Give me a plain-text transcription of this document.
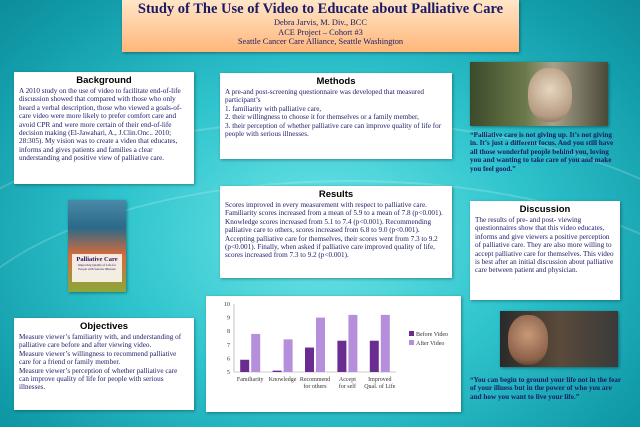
Study of The Use of Video to Educate about Palliative Care
Debra Jarvis, M. Div., BCC
ACE Project – Cohort #3
Seattle Cancer Care Alliance, Seattle Washington
Background

A 2010 study on the use of video to facilitate end-of-life discussion showed that compared with those who only heard a verbal description, those who viewed a goals-of-care video were more likely to prefer comfort care and avoid CPR and were more certain of their end-of-life decision making (El-Jawahari, A., J.Clin.Onc.. 2010; 28:305). My vision was to create a video that educates, informs and gives patients and families a clear understanding and positive view of palliative care.

Methods

A pre-and post-screening questionnaire was developed that measured participant’s

1. familiarity with palliative care,
2. their willingness to choose it for themselves or a family member,
3. their perception of whether palliative care can improve quality of life for people with serious illnesses.	“Palliative care is not giving up. It’s not giving in. It’s just a different focus. And you still have all those wonderful people behind you, loving you and wanting to take care of you and make you feel good.”
Results

Scores improved in every measurement with respect to palliative care. Familiarity scores increased from a mean of 5.9 to a mean of 7.8 (p<0.001). Knowledge scores increased from 5.1 to 7.4 (p<0.001). Recommending palliative care to others, scores increased from 6.8 to 9.0 (p<0.001). Accepting palliative care for themselves, their scores went from 7.3 to 9.2 (p<0.001). Finally, when asked if palliative care improved quality of life, scores increased from 7.3 to 9.2 (p<0.001).

Discussion

The results of pre- and post- viewing questionnaires show that this video educates, informs and give viewers a positive perception of palliative care. They are also more willing to accept palliative care for themselves. This video is best after an initial discussion about palliative care between patient and physician.

Palliative Care
Improving Quality of Life for People with Serious Illnesses
Objectives
Measure viewer’s familiarity with, and understanding of palliative care before and after viewing video.
Measure viewer’s willingness to recommend palliative care for a friend or family member.
Measure viewer’s perception of whether palliative care can improve quality of life for people with serious illnesses.
5
6
7
8
9
10
Familiarity Knowledge Recommend
for others
Accept
for self
Improved
Qual. of Life
Before Video
After Video
“You can begin to ground your life not in the fear of your illness but in the power of who you are and how you want to live your life.”
